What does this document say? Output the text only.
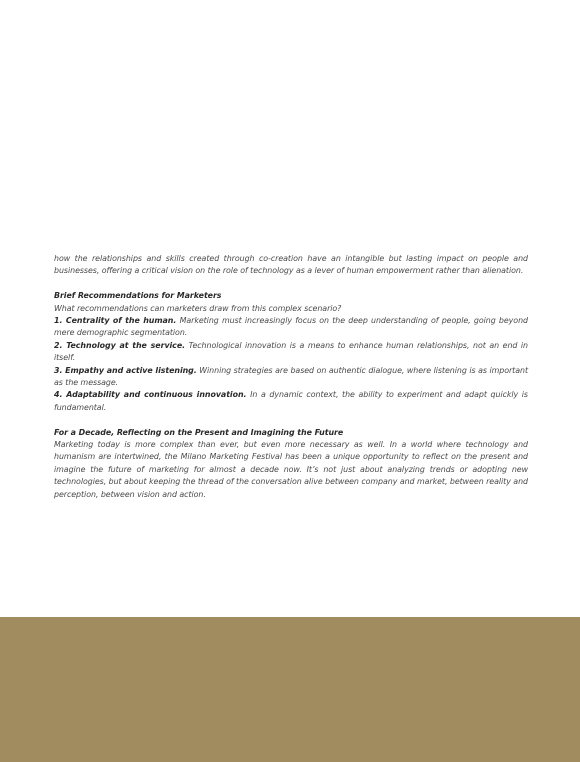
how the relationships and skills created through co-creation have an intangible but lasting impact on people and businesses, offering a critical vision on the role of technology as a lever of human empowerment rather than alienation.

Brief Recommendations for Marketers

What recommendations can marketers draw from this complex scenario?

1. Centrality of the human. Marketing must increasingly focus on the deep understanding of people, going beyond mere demographic segmentation.

2. Technology at the service. Technological innovation is a means to enhance human relationships, not an end in itself.

3. Empathy and active listening. Winning strategies are based on authentic dialogue, where listening is as important as the message.

4. Adaptability and continuous innovation. In a dynamic context, the ability to experiment and adapt quickly is fundamental.

For a Decade, Reflecting on the Present and Imagining the Future

Marketing today is more complex than ever, but even more necessary as well. In a world where technology and humanism are intertwined, the Milano Marketing Festival has been a unique opportunity to reflect on the present and imagine the future of marketing for almost a decade now. It’s not just about analyzing trends or adopting new technologies, but about keeping the thread of the conversation alive between company and market, between reality and perception, between vision and action.
